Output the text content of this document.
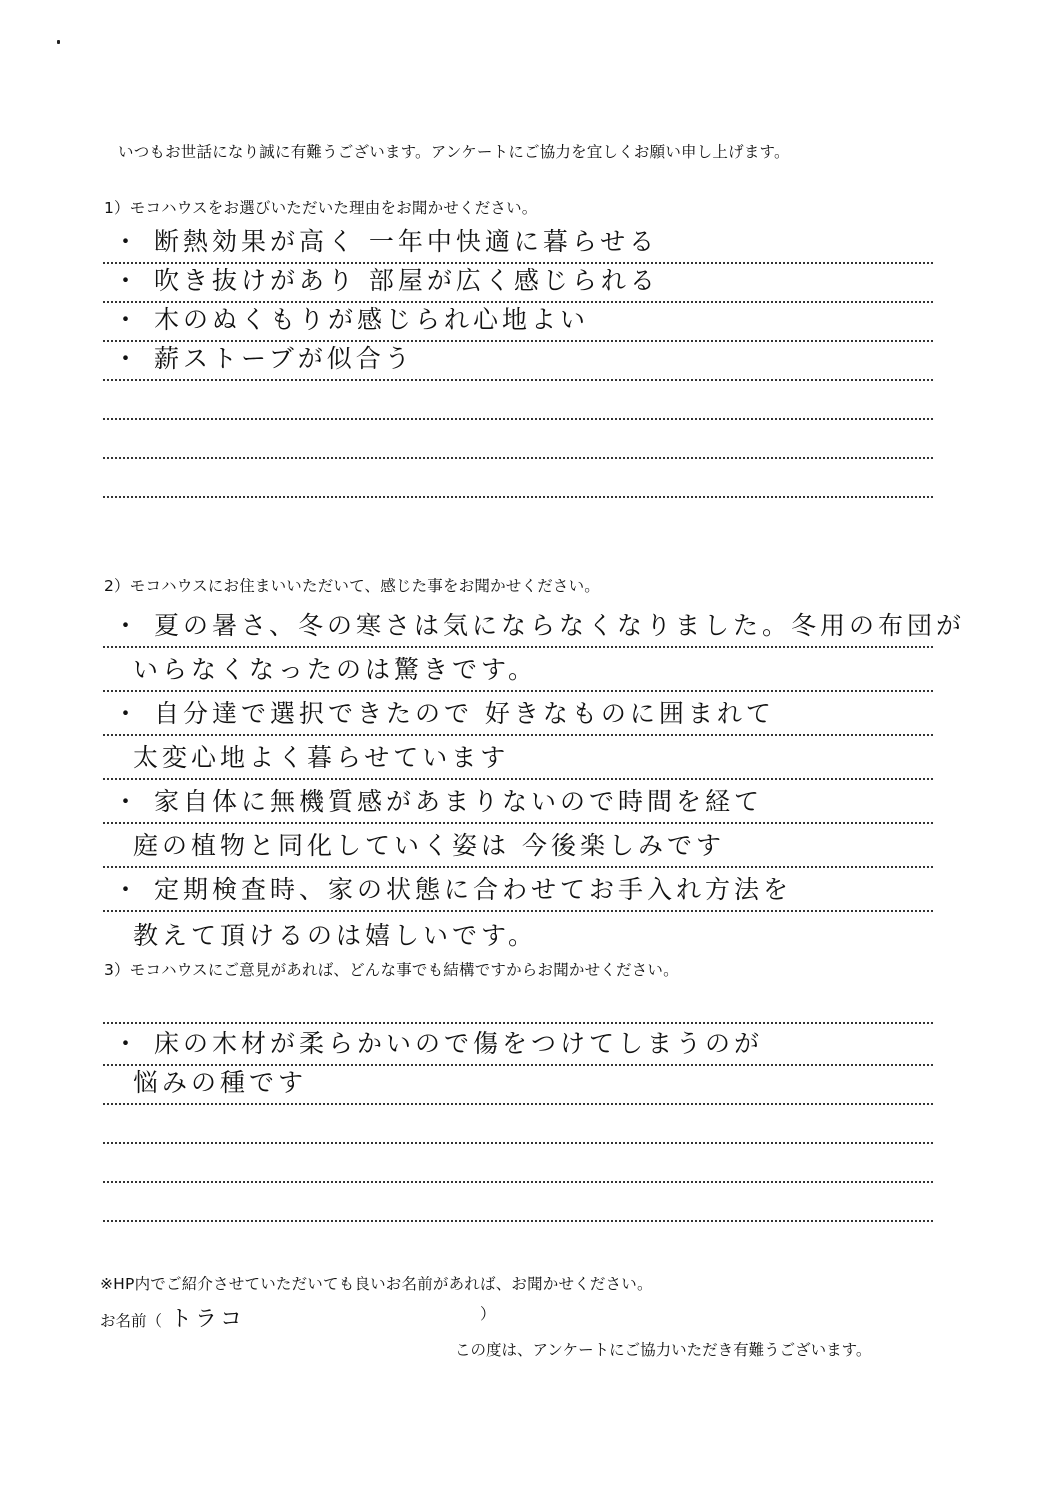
いつもお世話になり誠に有難うございます。アンケートにご協力を宜しくお願い申し上げます。
1）モコハウスをお選びいただいた理由をお聞かせください。
・ 断熱効果が高く 一年中快適に暮らせる
・ 吹き抜けがあり 部屋が広く感じられる
・ 木のぬくもりが感じられ心地よい
・ 薪ストーブが似合う
2）モコハウスにお住まいいただいて、感じた事をお聞かせください。
・ 夏の暑さ、冬の寒さは気にならなくなりました。冬用の布団が
いらなくなったのは驚きです。
・ 自分達で選択できたので 好きなものに囲まれて
太変心地よく暮らせています
・ 家自体に無機質感があまりないので時間を経て
庭の植物と同化していく姿は 今後楽しみです
・ 定期検査時、家の状態に合わせてお手入れ方法を
教えて頂けるのは嬉しいです。
3）モコハウスにご意見があれば、どんな事でも結構ですからお聞かせください。
・ 床の木材が柔らかいので傷をつけてしまうのが
悩みの種です
※HP内でご紹介させていただいても良いお名前があれば、お聞かせください。
お名前（ トラコ	）
この度は、アンケートにご協力いただき有難うございます。
